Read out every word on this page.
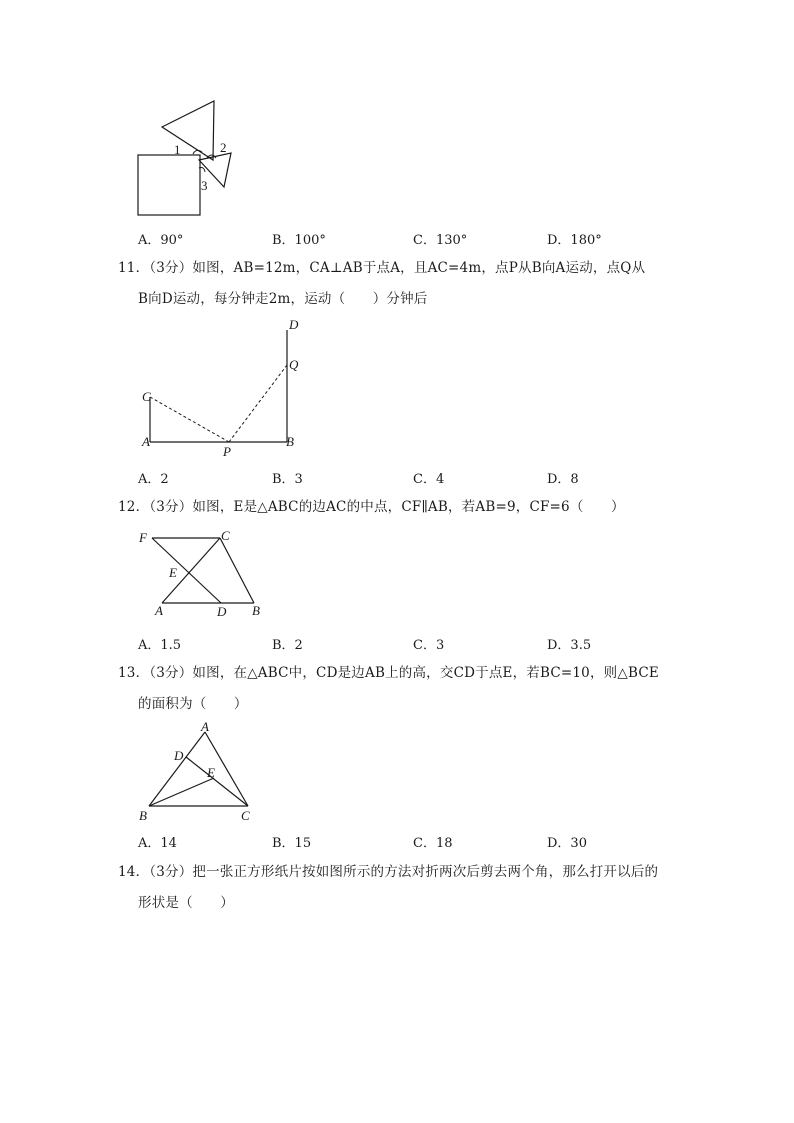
1	2
3
A．90°	B．100°	C．130°	D．180°
11．（3分）如图，AB=12m，CA⊥AB于点A，且AC=4m，点P从B向A运动，点Q从
B向D运动，每分钟走2m，运动（　　）分钟后
D
Q
C
A
P
B
A．2	B．3	C．4	D．8
12．（3分）如图，E是△ABC的边AC的中点，CF∥AB，若AB=9，CF=6（　　）
F	C
E
A	D B
A．1.5	B．2	C．3	D．3.5
13．（3分）如图，在△ABC中，CD是边AB上的高，交CD于点E，若BC=10，则△BCE
的面积为（　　）
A
D
E
B	C
A．14	B．15	C．18	D．30
14．（3分）把一张正方形纸片按如图所示的方法对折两次后剪去两个角，那么打开以后的
形状是（　　）
